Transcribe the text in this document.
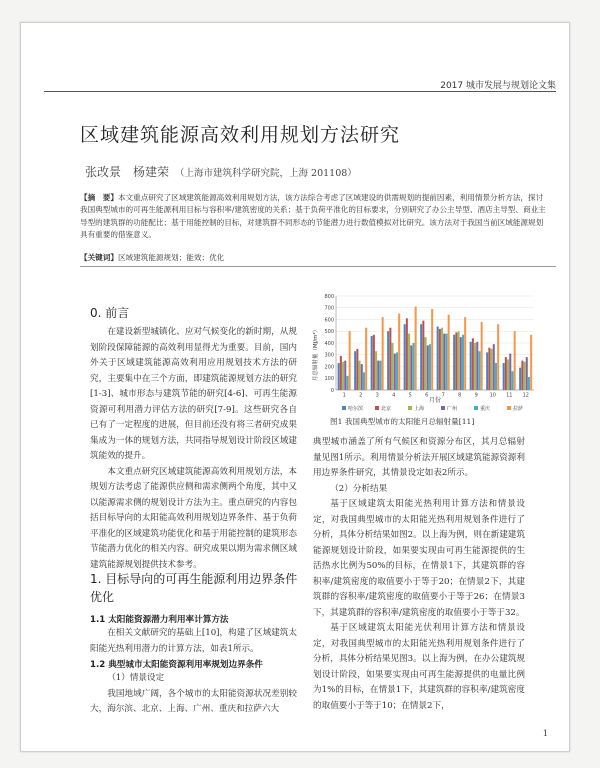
2017 城市发展与规划论文集
区域建筑能源高效利用规划方法研究
张改景　杨建荣 （上海市建筑科学研究院，上海 201108）
【摘　要】本文重点研究了区域建筑能源高效利用规划方法，该方法综合考虑了区域建设的供需规划的提前因素，利用情景分析方法，探讨我国典型城市的可再生能源利用目标与容积率/建筑密度的关系；基于负荷平准化的目标要求，分别研究了办公主导型、酒店主导型、商业主导型的建筑群的功能配比；基于用能控制的目标，对建筑群不同形态的节能潜力进行数值模拟对比研究。该方法对于我国当前区域能源规划具有重要的借鉴意义。
【关键词】区域建筑能源规划；能效；优化
0. 前言

在建设新型城镇化、应对气候变化的新时期，从规划阶段保障能源的高效利用显得尤为重要。目前，国内外关于区域建筑能源高效利用应用规划技术方法的研究，主要集中在三个方面，即建筑能源规划方法的研究[1-3]、城市形态与建筑节能的研究[4-6]、可再生能源资源可利用潜力评估方法的研究[7-9]。这些研究各自已有了一定程度的进展，但目前还没有将三者研究成果集成为一体的规划方法，共同指导规划设计阶段区域建筑能效的提升。

本文重点研究区域建筑能源高效利用规划方法，本规划方法考虑了能源供应侧和需求侧两个角度，其中又以能源需求侧的规划设计方法为主。重点研究的内容包括目标导向的太阳能高效利用规划边界条件、基于负荷平准化的区域建筑功能优化和基于用能控制的建筑形态节能潜力优化的相关内容。研究成果以期为需求侧区域建筑能源规划提供技术参考。

1. 目标导向的可再生能源利用边界条件优化
1.1 太阳能资源潜力利用率计算方法

在相关文献研究的基础上[10]，构建了区域建筑太阳能光热利用潜力的计算方法，如表1所示。

1.2 典型城市太阳能资源利用率规划边界条件

（1）情景设定

我国地域广阔，各个城市的太阳能资源状况差别较大，海尔滨、北京、上海、广州、重庆和拉萨六大

1	2	3	4	5	6	7	8	9 10 11 12
0
100
200
300
400
500
600
700
800
月总辐射量（MJ/m²）
月份
哈尔滨	北京	上海	广州	重庆	拉萨
图1 我国典型城市的太阳能月总辐射量[11]

典型城市涵盖了所有气候区和资源分布区，其月总辐射量见图1所示。利用情景分析法开展区域建筑能源资源利用边界条件研究，其情景设定如表2所示。

（2）分析结果

基于区域建筑太阳能光热利用计算方法和情景设定，对我国典型城市的太阳能光热利用规划条件进行了分析，具体分析结果如图2。以上海为例，则在新建建筑能源规划设计阶段，如果要实现由可再生能源提供的生活热水比例为50%的目标，在情景1下，其建筑群的容积率/建筑密度的取值要小于等于20；在情景2下，其建筑群的容积率/建筑密度的取值要小于等于26；在情景3下，其建筑群的容积率/建筑密度的取值要小于等于32。

基于区域建筑太阳能光伏利用计算方法和情景设定，对我国典型城市的太阳能光热利用规划条件进行了分析，具体分析结果见图3。以上海为例，在办公建筑规划设计阶段，如果要实现由可再生能源提供的电量比例为1%的目标，在情景1下，其建筑群的容积率/建筑密度的取值要小于等于10；在情景2下，

1
